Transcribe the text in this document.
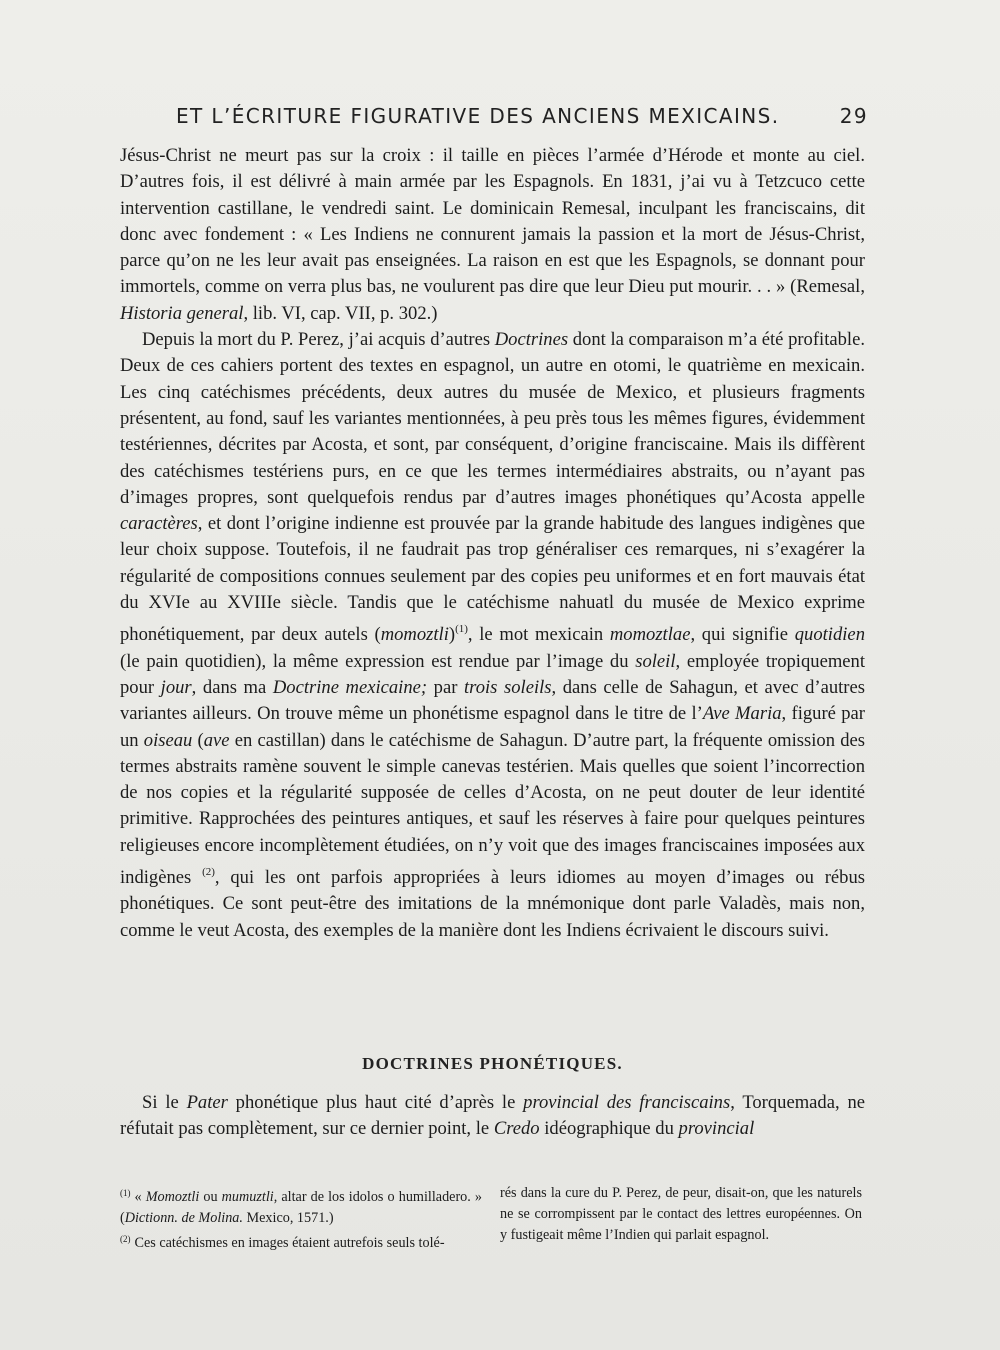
ET L’ÉCRITURE FIGURATIVE DES ANCIENS MEXICAINS.	29

Jésus-Christ ne meurt pas sur la croix : il taille en pièces l’armée d’Hérode et monte au ciel. D’autres fois, il est délivré à main armée par les Espagnols. En 1831, j’ai vu à Tetzcuco cette intervention castillane, le vendredi saint. Le dominicain Remesal, inculpant les franciscains, dit donc avec fondement : « Les Indiens ne connurent jamais la passion et la mort de Jésus-Christ, parce qu’on ne les leur avait pas enseignées. La raison en est que les Espagnols, se donnant pour immortels, comme on verra plus bas, ne voulurent pas dire que leur Dieu put mourir. . . » (Remesal, Historia general, lib. VI, cap. VII, p. 302.)

Depuis la mort du P. Perez, j’ai acquis d’autres Doctrines dont la comparaison m’a été profitable. Deux de ces cahiers portent des textes en espagnol, un autre en otomi, le quatrième en mexicain. Les cinq catéchismes précédents, deux autres du musée de Mexico, et plusieurs fragments présentent, au fond, sauf les variantes mentionnées, à peu près tous les mêmes figures, évidemment testériennes, décrites par Acosta, et sont, par conséquent, d’origine franciscaine. Mais ils diffèrent des catéchismes testériens purs, en ce que les termes intermédiaires abstraits, ou n’ayant pas d’images propres, sont quelquefois rendus par d’autres images phonétiques qu’Acosta appelle caractères, et dont l’origine indienne est prouvée par la grande habitude des langues indigènes que leur choix suppose. Toutefois, il ne faudrait pas trop généraliser ces remarques, ni s’exagérer la régularité de compositions connues seulement par des copies peu uniformes et en fort mauvais état du XVIe au XVIIIe siècle. Tandis que le catéchisme nahuatl du musée de Mexico exprime phonétiquement, par deux autels (momoztli)$^{(1)}$, le mot mexicain momoztlae, qui signifie quotidien (le pain quotidien), la même expression est rendue par l’image du soleil, employée tropiquement pour jour, dans ma Doctrine mexicaine; par trois soleils, dans celle de Sahagun, et avec d’autres variantes ailleurs. On trouve même un phonétisme espagnol dans le titre de l’Ave Maria, figuré par un oiseau (ave en castillan) dans le catéchisme de Sahagun. D’autre part, la fréquente omission des termes abstraits ramène souvent le simple canevas testérien. Mais quelles que soient l’incorrection de nos copies et la régularité supposée de celles d’Acosta, on ne peut douter de leur identité primitive. Rapprochées des peintures antiques, et sauf les réserves à faire pour quelques peintures religieuses encore incomplètement étudiées, on n’y voit que des images franciscaines imposées aux indigènes $^{(2)}$, qui les ont parfois appropriées à leurs idiomes au moyen d’images ou rébus phonétiques. Ce sont peut-être des imitations de la mnémonique dont parle Valadès, mais non, comme le veut Acosta, des exemples de la manière dont les Indiens écrivaient le discours suivi.

DOCTRINES PHONÉTIQUES.

Si le Pater phonétique plus haut cité d’après le provincial des franciscains, Torquemada, ne réfutait pas complètement, sur ce dernier point, le Credo idéographique du provincial

$^{(1)}$ « Momoztli ou mumuztli, altar de los idolos o humilladero. » (Dictionn. de Molina. Mexico, 1571.)

$^{(2)}$ Ces catéchismes en images étaient autrefois seuls tolé-

rés dans la cure du P. Perez, de peur, disait-on, que les naturels ne se corrompissent par le contact des lettres européennes. On y fustigeait même l’Indien qui parlait espagnol.
